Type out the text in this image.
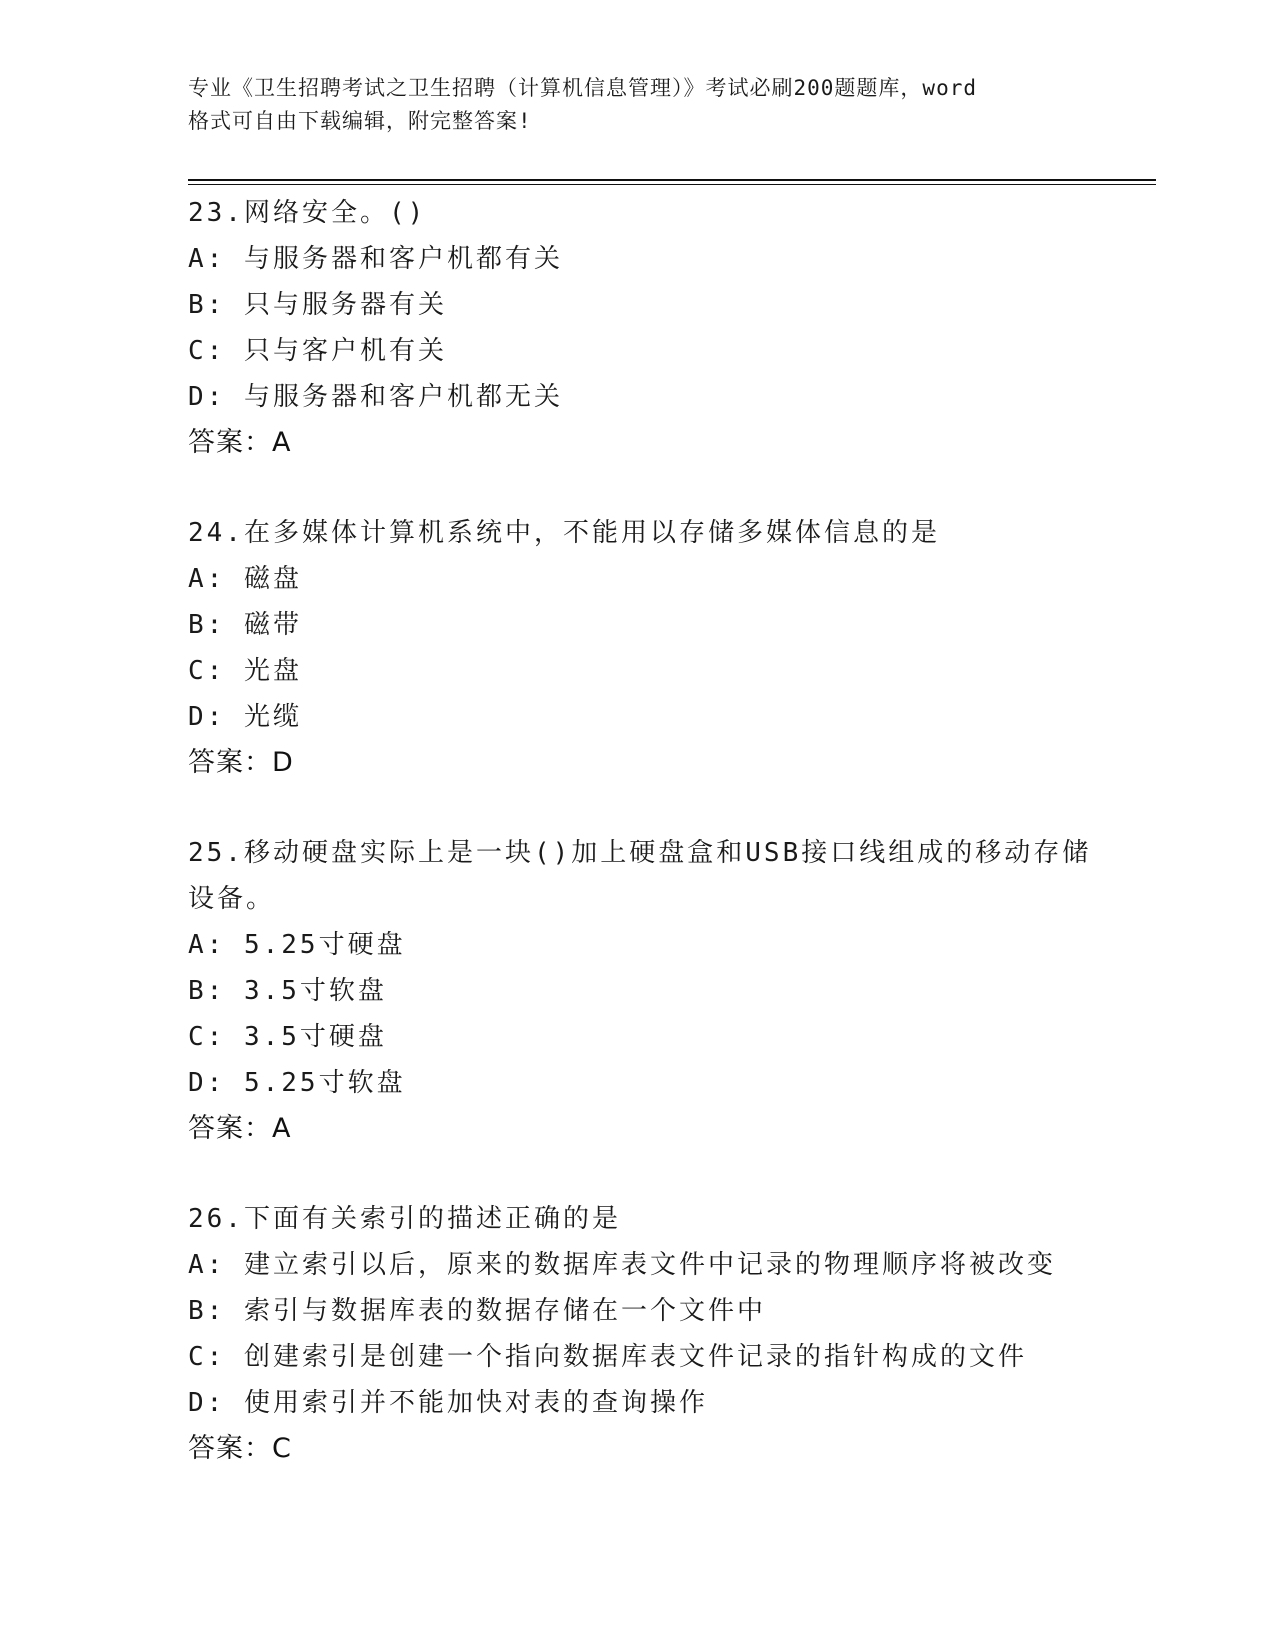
专业《卫生招聘考试之卫生招聘（计算机信息管理）》考试必刷200题题库，word
格式可自由下载编辑，附完整答案!
23.网络安全。()
A: 与服务器和客户机都有关
B: 只与服务器有关
C: 只与客户机有关
D: 与服务器和客户机都无关
答案：A
24.在多媒体计算机系统中，不能用以存储多媒体信息的是
A: 磁盘
B: 磁带
C: 光盘
D: 光缆
答案：D
25.移动硬盘实际上是一块()加上硬盘盒和USB接口线组成的移动存储设备。
A: 5.25寸硬盘
B: 3.5寸软盘
C: 3.5寸硬盘
D: 5.25寸软盘
答案：A
26.下面有关索引的描述正确的是
A: 建立索引以后，原来的数据库表文件中记录的物理顺序将被改变
B: 索引与数据库表的数据存储在一个文件中
C: 创建索引是创建一个指向数据库表文件记录的指针构成的文件
D: 使用索引并不能加快对表的查询操作
答案：C
